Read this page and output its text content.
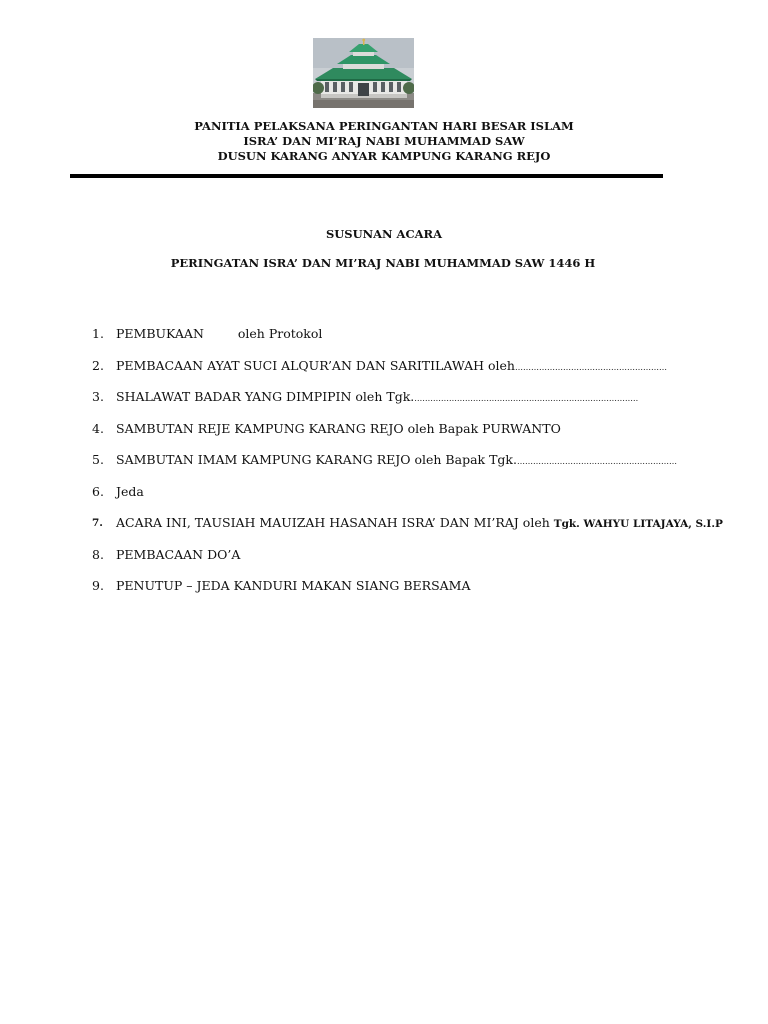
PANITIA PELAKSANA PERINGANTAN HARI BESAR ISLAM
ISRA’ DAN MI’RAJ NABI MUHAMMAD SAW
DUSUN KARANG ANYAR KAMPUNG KARANG REJO
SUSUNAN ACARA
PERINGATAN ISRA’ DAN MI’RAJ NABI MUHAMMAD SAW 1446 H
1. PEMBUKAAN	oleh Protokol
2. PEMBACAAN AYAT SUCI ALQUR’AN DAN SARITILAWAH oleh…………………………………………………
3. SHALAWAT BADAR YANG DIMPIPIN oleh Tgk.…………………………………………………………………………
4. SAMBUTAN REJE KAMPUNG KARANG REJO oleh Bapak PURWANTO
5. SAMBUTAN IMAM KAMPUNG KARANG REJO oleh Bapak Tgk.……………………………………………………
6. Jeda
7.	ACARA INI, TAUSIAH MAUIZAH HASANAH ISRA’ DAN MI’RAJ oleh Tgk. WAHYU LITAJAYA, S.I.P
8. PEMBACAAN DO’A
9. PENUTUP – JEDA KANDURI MAKAN SIANG BERSAMA
